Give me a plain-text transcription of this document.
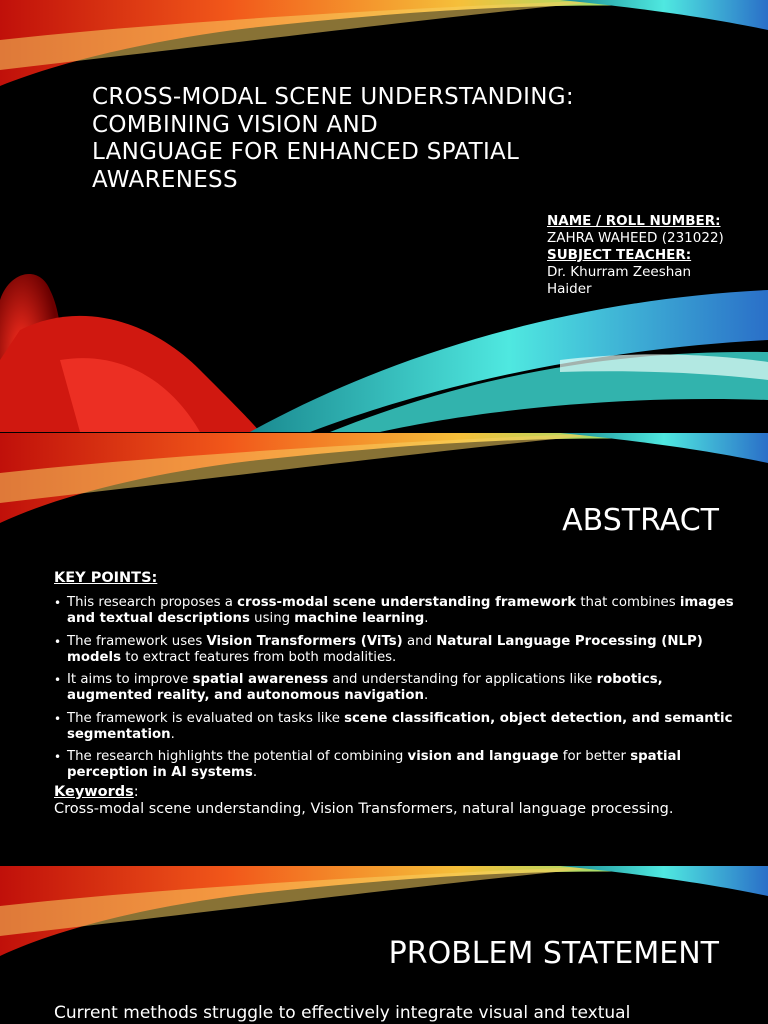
CROSS-MODAL SCENE UNDERSTANDING:
COMBINING VISION AND
LANGUAGE FOR ENHANCED SPATIAL
AWARENESS
NAME / ROLL NUMBER:
ZAHRA WAHEED (231022)
SUBJECT TEACHER:
Dr. Khurram Zeeshan
Haider
ABSTRACT
KEY POINTS:
• This research proposes a cross-modal scene understanding framework that combines images and textual descriptions using machine learning.
• The framework uses Vision Transformers (ViTs) and Natural Language Processing (NLP) models to extract features from both modalities.
• It aims to improve spatial awareness and understanding for applications like robotics, augmented reality, and autonomous navigation.
• The framework is evaluated on tasks like scene classification, object detection, and semantic segmentation.
• The research highlights the potential of combining vision and language for better spatial perception in AI systems.
Keywords:
Cross-modal scene understanding, Vision Transformers, natural language processing.
PROBLEM STATEMENT
Current methods struggle to effectively integrate visual and textual
